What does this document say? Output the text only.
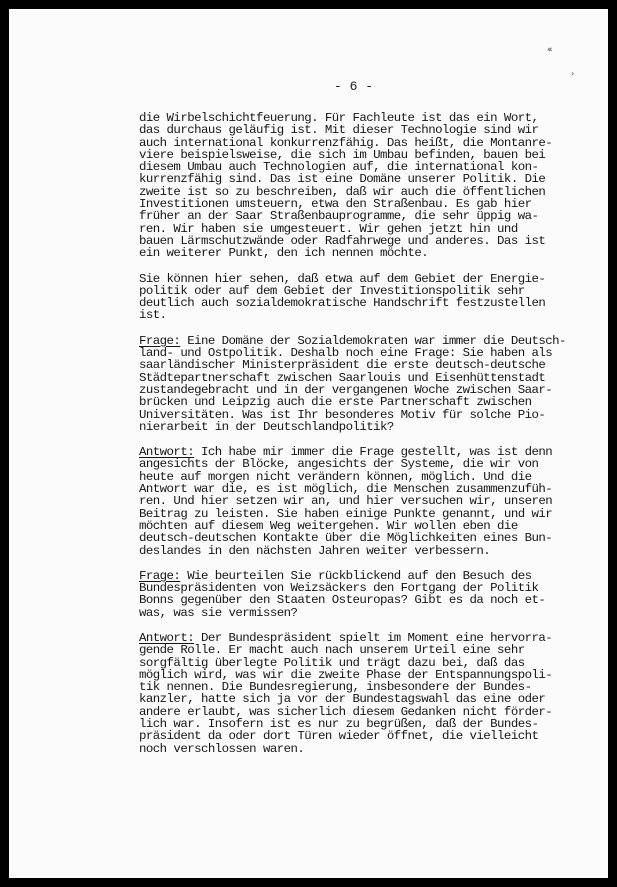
«
›
- 6 -
die Wirbelschichtfeuerung. Für Fachleute ist das ein Wort,
das durchaus geläufig ist. Mit dieser Technologie sind wir
auch international konkurrenzfähig. Das heißt, die Montanre-
viere beispielsweise, die sich im Umbau befinden, bauen bei
diesem Umbau auch Technologien auf, die international kon-
kurrenzfähig sind. Das ist eine Domäne unserer Politik. Die
zweite ist so zu beschreiben, daß wir auch die öffentlichen
Investitionen umsteuern, etwa den Straßenbau. Es gab hier
früher an der Saar Straßenbauprogramme, die sehr üppig wa-
ren. Wir haben sie umgesteuert. Wir gehen jetzt hin und
bauen Lärmschutzwände oder Radfahrwege und anderes. Das ist
ein weiterer Punkt, den ich nennen möchte.
Sie können hier sehen, daß etwa auf dem Gebiet der Energie-
politik oder auf dem Gebiet der Investitionspolitik sehr
deutlich auch sozialdemokratische Handschrift festzustellen
ist.
Frage: Eine Domäne der Sozialdemokraten war immer die Deutsch-
land- und Ostpolitik. Deshalb noch eine Frage: Sie haben als
saarländischer Ministerpräsident die erste deutsch-deutsche
Städtepartnerschaft zwischen Saarlouis und Eisenhüttenstadt
zustandegebracht und in der vergangenen Woche zwischen Saar-
brücken und Leipzig auch die erste Partnerschaft zwischen
Universitäten. Was ist Ihr besonderes Motiv für solche Pio-
nierarbeit in der Deutschlandpolitik?
Antwort: Ich habe mir immer die Frage gestellt, was ist denn
angesichts der Blöcke, angesichts der Systeme, die wir von
heute auf morgen nicht verändern können, möglich. Und die
Antwort war die, es ist möglich, die Menschen zusammenzufüh-
ren. Und hier setzen wir an, und hier versuchen wir, unseren
Beitrag zu leisten. Sie haben einige Punkte genannt, und wir
möchten auf diesem Weg weitergehen. Wir wollen eben die
deutsch-deutschen Kontakte über die Möglichkeiten eines Bun-
deslandes in den nächsten Jahren weiter verbessern.
Frage: Wie beurteilen Sie rückblickend auf den Besuch des
Bundespräsidenten von Weizsäckers den Fortgang der Politik
Bonns gegenüber den Staaten Osteuropas? Gibt es da noch et-
was, was sie vermissen?
Antwort: Der Bundespräsident spielt im Moment eine hervorra-
gende Rolle. Er macht auch nach unserem Urteil eine sehr
sorgfältig überlegte Politik und trägt dazu bei, daß das
möglich wird, was wir die zweite Phase der Entspannungspoli-
tik nennen. Die Bundesregierung, insbesondere der Bundes-
kanzler, hatte sich ja vor der Bundestagswahl das eine oder
andere erlaubt, was sicherlich diesem Gedanken nicht förder-
lich war. Insofern ist es nur zu begrüßen, daß der Bundes-
präsident da oder dort Türen wieder öffnet, die vielleicht
noch verschlossen waren.
